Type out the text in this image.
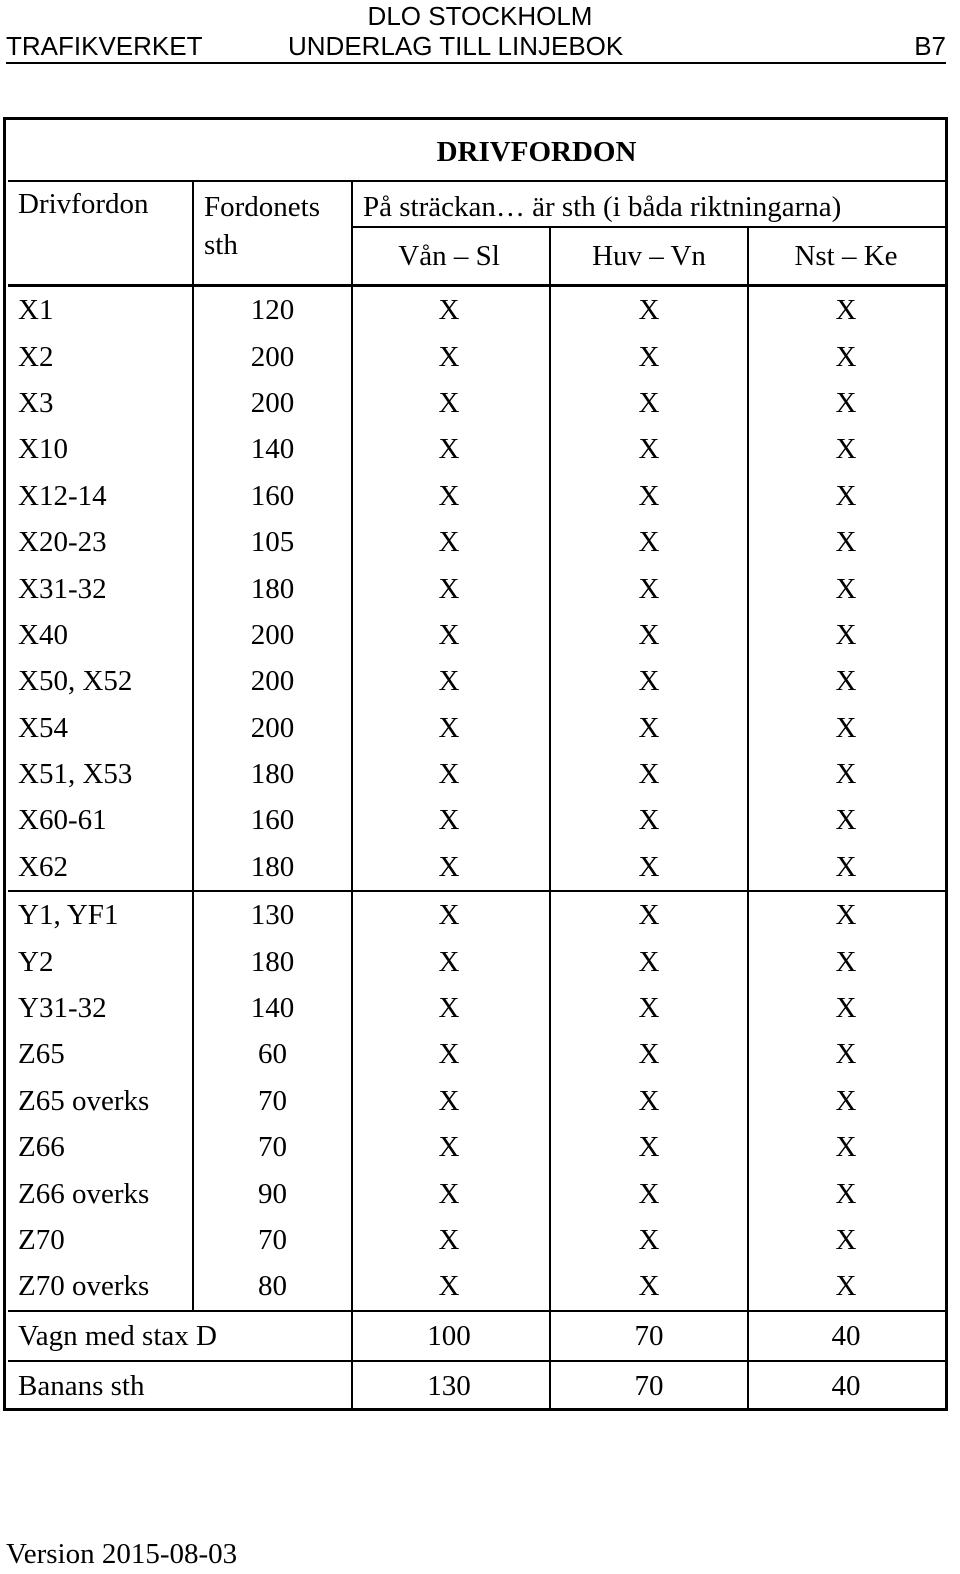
DLO STOCKHOLM
TRAFIKVERKET	UNDERLAG TILL LINJEBOK	B7
DRIVFORDON				
Drivfordon	Fordonets sth	På sträckan… är sth (i båda riktningarna)		
		Vån – Sl	Huv – Vn	Nst – Ke
X1	120	X	X	X
X2	200	X	X	X
X3	200	X	X	X
X10	140	X	X	X
X12-14	160	X	X	X
X20-23	105	X	X	X
X31-32	180	X	X	X
X40	200	X	X	X
X50, X52	200	X	X	X
X54	200	X	X	X
X51, X53	180	X	X	X
X60-61	160	X	X	X
X62	180	X	X	X
Y1, YF1	130	X	X	X
Y2	180	X	X	X
Y31-32	140	X	X	X
Z65	60	X	X	X
Z65 overks	70	X	X	X
Z66	70	X	X	X
Z66 overks	90	X	X	X
Z70	70	X	X	X
Z70 overks	80	X	X	X
Vagn med stax D		100	70	40
Banans sth		130	70	40
Version 2015-08-03
